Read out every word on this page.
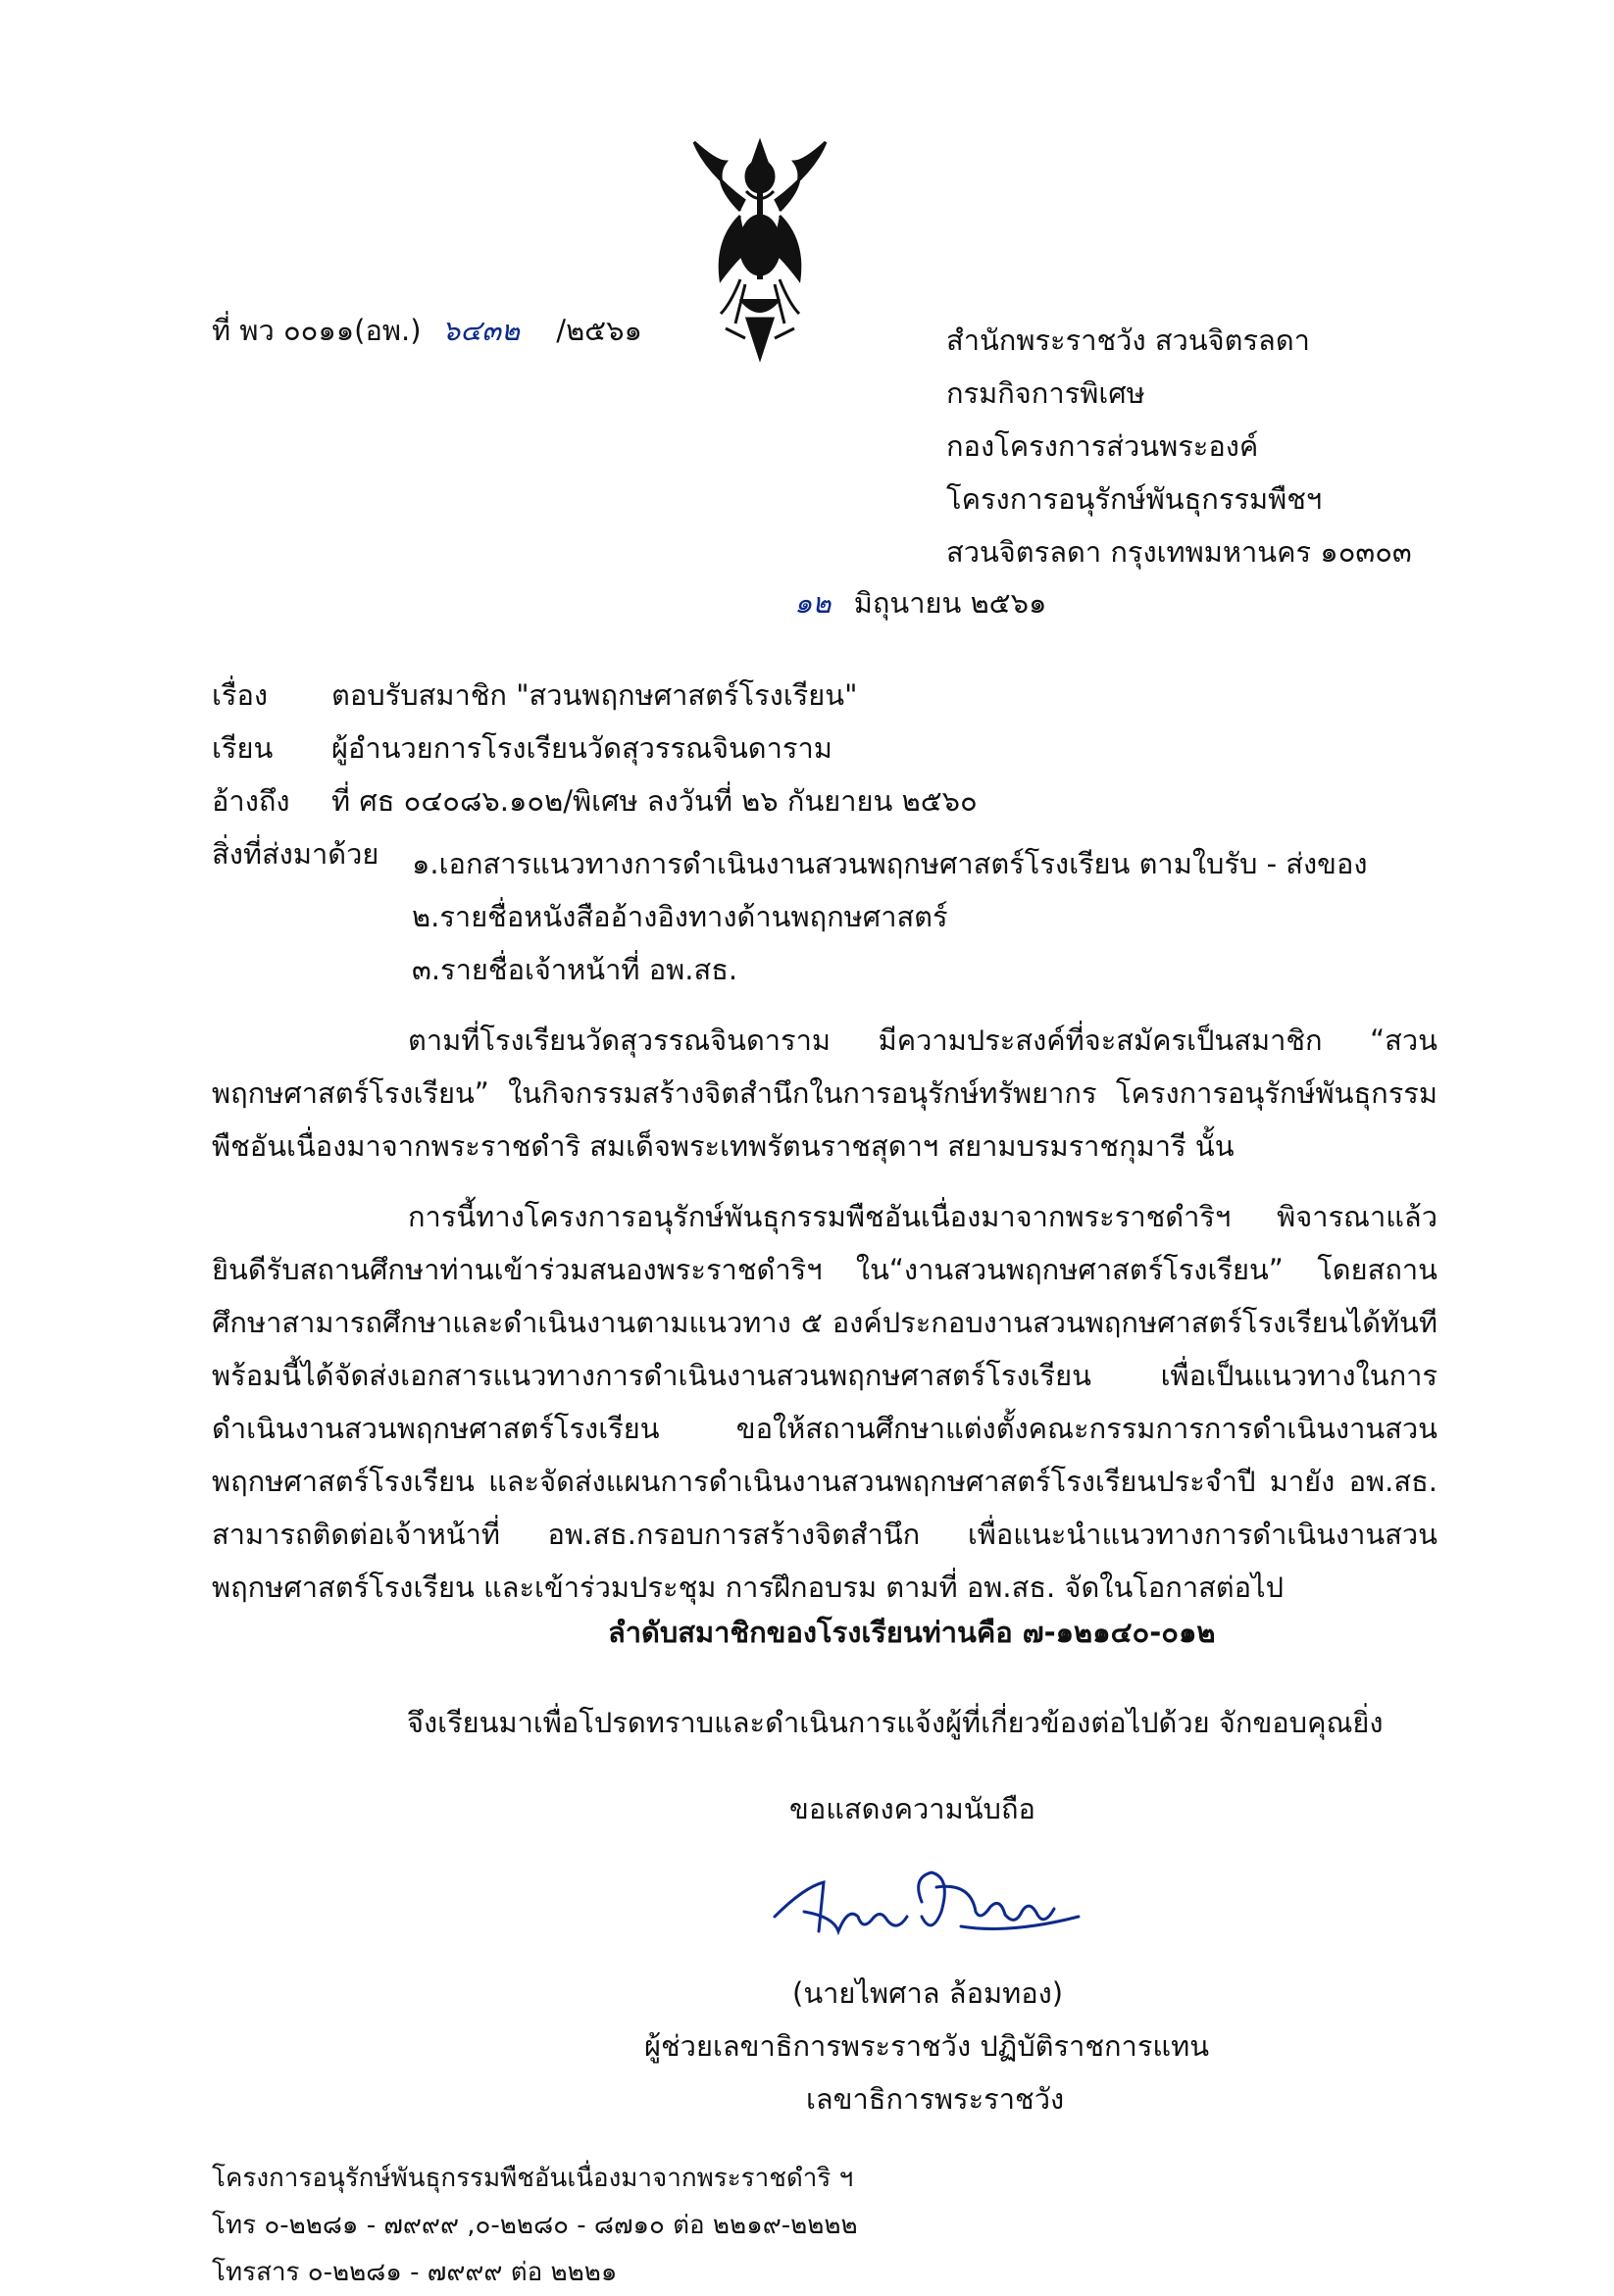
ที่ พว ๐๐๑๑(อพ.) ๖๔๓๒ /๒๕๖๑	สำนักพระราชวัง สวนจิตรลดา
กรมกิจการพิเศษ
กองโครงการส่วนพระองค์
โครงการอนุรักษ์พันธุกรรมพืชฯ
สวนจิตรลดา กรุงเทพมหานคร ๑๐๓๐๓
๑๒ มิถุนายน ๒๕๖๑
เรื่อง ตอบรับสมาชิก "สวนพฤกษศาสตร์โรงเรียน"
เรียน ผู้อำนวยการโรงเรียนวัดสุวรรณจินดาราม
อ้างถึง ที่ ศธ ๐๔๐๘๖.๑๐๒/พิเศษ ลงวันที่ ๒๖ กันยายน ๒๕๖๐
สิ่งที่ส่งมาด้วย ๑.เอกสารแนวทางการดำเนินงานสวนพฤกษศาสตร์โรงเรียน ตามใบรับ - ส่งของ
๒.รายชื่อหนังสืออ้างอิงทางด้านพฤกษศาสตร์
๓.รายชื่อเจ้าหน้าที่ อพ.สธ.
ตามที่โรงเรียนวัดสุวรรณจินดาราม มีความประสงค์ที่จะสมัครเป็นสมาชิก “สวนพฤกษศาสตร์โรงเรียน” ในกิจกรรมสร้างจิตสำนึกในการอนุรักษ์ทรัพยากร โครงการอนุรักษ์พันธุกรรมพืชอันเนื่องมาจากพระราชดำริ สมเด็จพระเทพรัตนราชสุดาฯ สยามบรมราชกุมารี นั้น
การนี้ทางโครงการอนุรักษ์พันธุกรรมพืชอันเนื่องมาจากพระราชดำริฯ พิจารณาแล้ว ยินดีรับสถานศึกษาท่านเข้าร่วมสนองพระราชดำริฯ ใน“งานสวนพฤกษศาสตร์โรงเรียน” โดยสถานศึกษาสามารถศึกษาและดำเนินงานตามแนวทาง ๕ องค์ประกอบงานสวนพฤกษศาสตร์โรงเรียนได้ทันที พร้อมนี้ได้จัดส่งเอกสารแนวทางการดำเนินงานสวนพฤกษศาสตร์โรงเรียน เพื่อเป็นแนวทางในการดำเนินงานสวนพฤกษศาสตร์โรงเรียน ขอให้สถานศึกษาแต่งตั้งคณะกรรมการการดำเนินงานสวนพฤกษศาสตร์โรงเรียน และจัดส่งแผนการดำเนินงานสวนพฤกษศาสตร์โรงเรียนประจำปี มายัง อพ.สธ. สามารถติดต่อเจ้าหน้าที่ อพ.สธ.กรอบการสร้างจิตสำนึก เพื่อแนะนำแนวทางการดำเนินงานสวนพฤกษศาสตร์โรงเรียน และเข้าร่วมประชุม การฝึกอบรม ตามที่ อพ.สธ. จัดในโอกาสต่อไป
ลำดับสมาชิกของโรงเรียนท่านคือ ๗-๑๒๑๔๐-๐๑๒
จึงเรียนมาเพื่อโปรดทราบและดำเนินการแจ้งผู้ที่เกี่ยวข้องต่อไปด้วย จักขอบคุณยิ่ง
ขอแสดงความนับถือ
(นายไพศาล ล้อมทอง)
ผู้ช่วยเลขาธิการพระราชวัง ปฏิบัติราชการแทน
เลขาธิการพระราชวัง
โครงการอนุรักษ์พันธุกรรมพืชอันเนื่องมาจากพระราชดำริ ฯ
โทร ๐-๒๒๘๑ - ๗๙๙๙ ,๐-๒๒๘๐ - ๘๗๑๐ ต่อ ๒๒๑๙-๒๒๒๒
โทรสาร ๐-๒๒๘๑ - ๗๙๙๙ ต่อ ๒๒๒๑
